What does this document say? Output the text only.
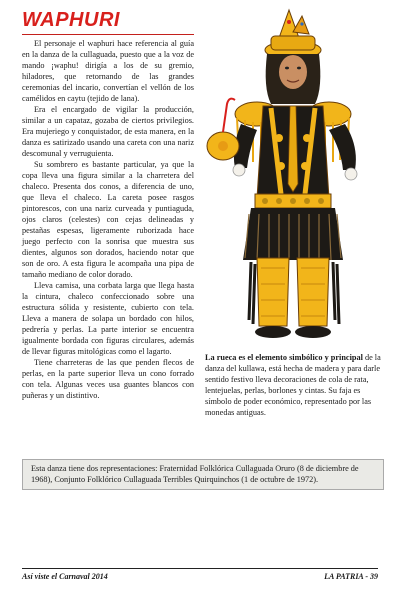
WAPHURI

El personaje el waphuri hace referencia al guía en la danza de la cullaguada, puesto que a la voz de mando ¡waphu! dirigía a los de su gremio, hiladores, que retornando de las grandes ceremonias del incario, convertían el vellón de los camélidos en caytu (tejido de lana).

Era el encargado de vigilar la producción, similar a un capataz, gozaba de ciertos privilegios. Era mujeriego y conquistador, de esta manera, en la danza es satirizado usando una careta con una nariz descomunal y verruguienta.

Su sombrero es bastante particular, ya que la copa lleva una figura similar a la charretera del chaleco. Presenta dos conos, a diferencia de uno, que lleva el chaleco. La careta posee rasgos pintorescos, con una nariz curveada y puntiaguda, ojos claros (celestes) con cejas delineadas y pestañas espesas, ligeramente ruborizada hace juego perfecto con la sonrisa que muestra sus dientes, algunos son dorados, haciendo notar que son de oro. A esta figura le acompaña una pipa de tamaño mediano de color dorado.

Lleva camisa, una corbata larga que llega hasta la cintura, chaleco confeccionado sobre una estructura sólida y resistente, cubierto con tela. Lleva a manera de solapa un bordado con hilos, pedrería y perlas. La parte interior se encuentra igualmente bordada con figuras circulares, además de llevar figuras mitológicas como el lagarto.

Tiene charreteras de las que penden flecos de perlas, en la parte superior lleva un cono forrado con tela. Algunas veces usa guantes blancos con puñeras y un distintivo.

La rueca es el elemento simbólico y principal de la danza del kullawa, está hecha de madera y para darle sentido festivo lleva decoraciones de cola de rata, lentejuelas, perlas, borlones y cintas. Su faja es símbolo de poder económico, representado por las monedas antiguas.
Esta danza tiene dos representaciones: Fraternidad Folklórica Cullaguada Oruro (8 de diciembre de 1968), Conjunto Folklórico Cullaguada Terribles Quirquinchos (1 de octubre de 1972).
Así viste el Carnaval 2014	LA PATRIA - 39
